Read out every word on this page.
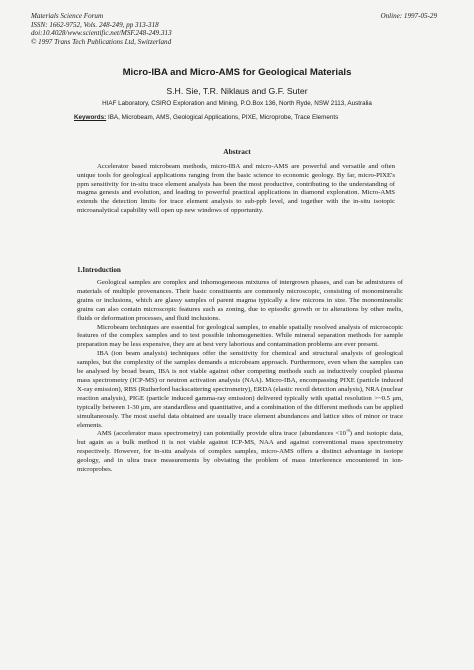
Materials Science Forum
ISSN: 1662-9752, Vols. 248-249, pp 313-318
doi:10.4028/www.scientific.net/MSF.248-249.313
© 1997 Trans Tech Publications Ltd, Switzerland
Online: 1997-05-29
Micro-IBA and Micro-AMS for Geological Materials
S.H. Sie, T.R. Niklaus and G.F. Suter
HIAF Laboratory, CSIRO Exploration and Mining, P.O.Box 136, North Ryde, NSW 2113, Australia
Keywords: IBA, Microbeam, AMS, Geological Applications, PIXE, Microprobe, Trace Elements
Abstract
Accelerator based microbeam methods, micro-IBA and micro-AMS are powerful and versatile and often unique tools for geological applications ranging from the basic science to economic geology. By far, micro-PIXE's ppm sensitivity for in-situ trace element analysis has been the most productive, contributing to the understanding of magma genesis and evolution, and leading to powerful practical applications in diamond exploration. Micro-AMS extends the detection limits for trace element analysis to sub-ppb level, and together with the in-situ isotopic microanalytical capability will open up new windows of opportunity.
1.Introduction

Geological samples are complex and inhomogeneous mixtures of intergrown phases, and can be admixtures of materials of multiple provenances. Their basic constituents are commonly microscopic, consisting of monomineralic grains or inclusions, which are glassy samples of parent magma typically a few microns in size. The monomineralic grains can also contain microscopic features such as zoning, due to episodic growth or to alterations by other melts, fluids or deformation processes, and fluid inclusions.

Microbeam techniques are essential for geological samples, to enable spatially resolved analysis of microscopic features of the complex samples and to test possible inhomogeneities. While mineral separation methods for sample preparation may be less expensive, they are at best very laborious and contamination problems are ever present.

IBA (ion beam analysis) techniques offer the sensitivity for chemical and structural analysis of geological samples, but the complexity of the samples demands a microbeam approach. Furthermore, even when the samples can be analysed by broad beam, IBA is not viable against other competing methods such as inductively coupled plasma mass spectrometry (ICP-MS) or neutron activation analysis (NAA). Micro-IBA, encompassing PIXE (particle induced X-ray emission), RBS (Rutherford backscattering spectrometry), ERDA (elastic recoil detection analysis), NRA (nuclear reaction analysis), PIGE (particle induced gamma-ray emission) delivered typically with spatial resolution >~0.5 μm, typically between 1-30 μm, are standardless and quantitative, and a combination of the different methods can be applied simultaneously. The most useful data obtained are usually trace element abundances and lattice sites of minor or trace elements.

AMS (accelerator mass spectrometry) can potentially provide ultra trace (abundances $<10^{-9}$) and isotopic data, but again as a bulk method it is not viable against ICP-MS, NAA and against conventional mass spectrometry respectively. However, for in-situ analysis of complex samples, micro-AMS offers a distinct advantage in isotope geology, and in ultra trace measurements by obviating the problem of mass interference encountered in ion-microprobes.
